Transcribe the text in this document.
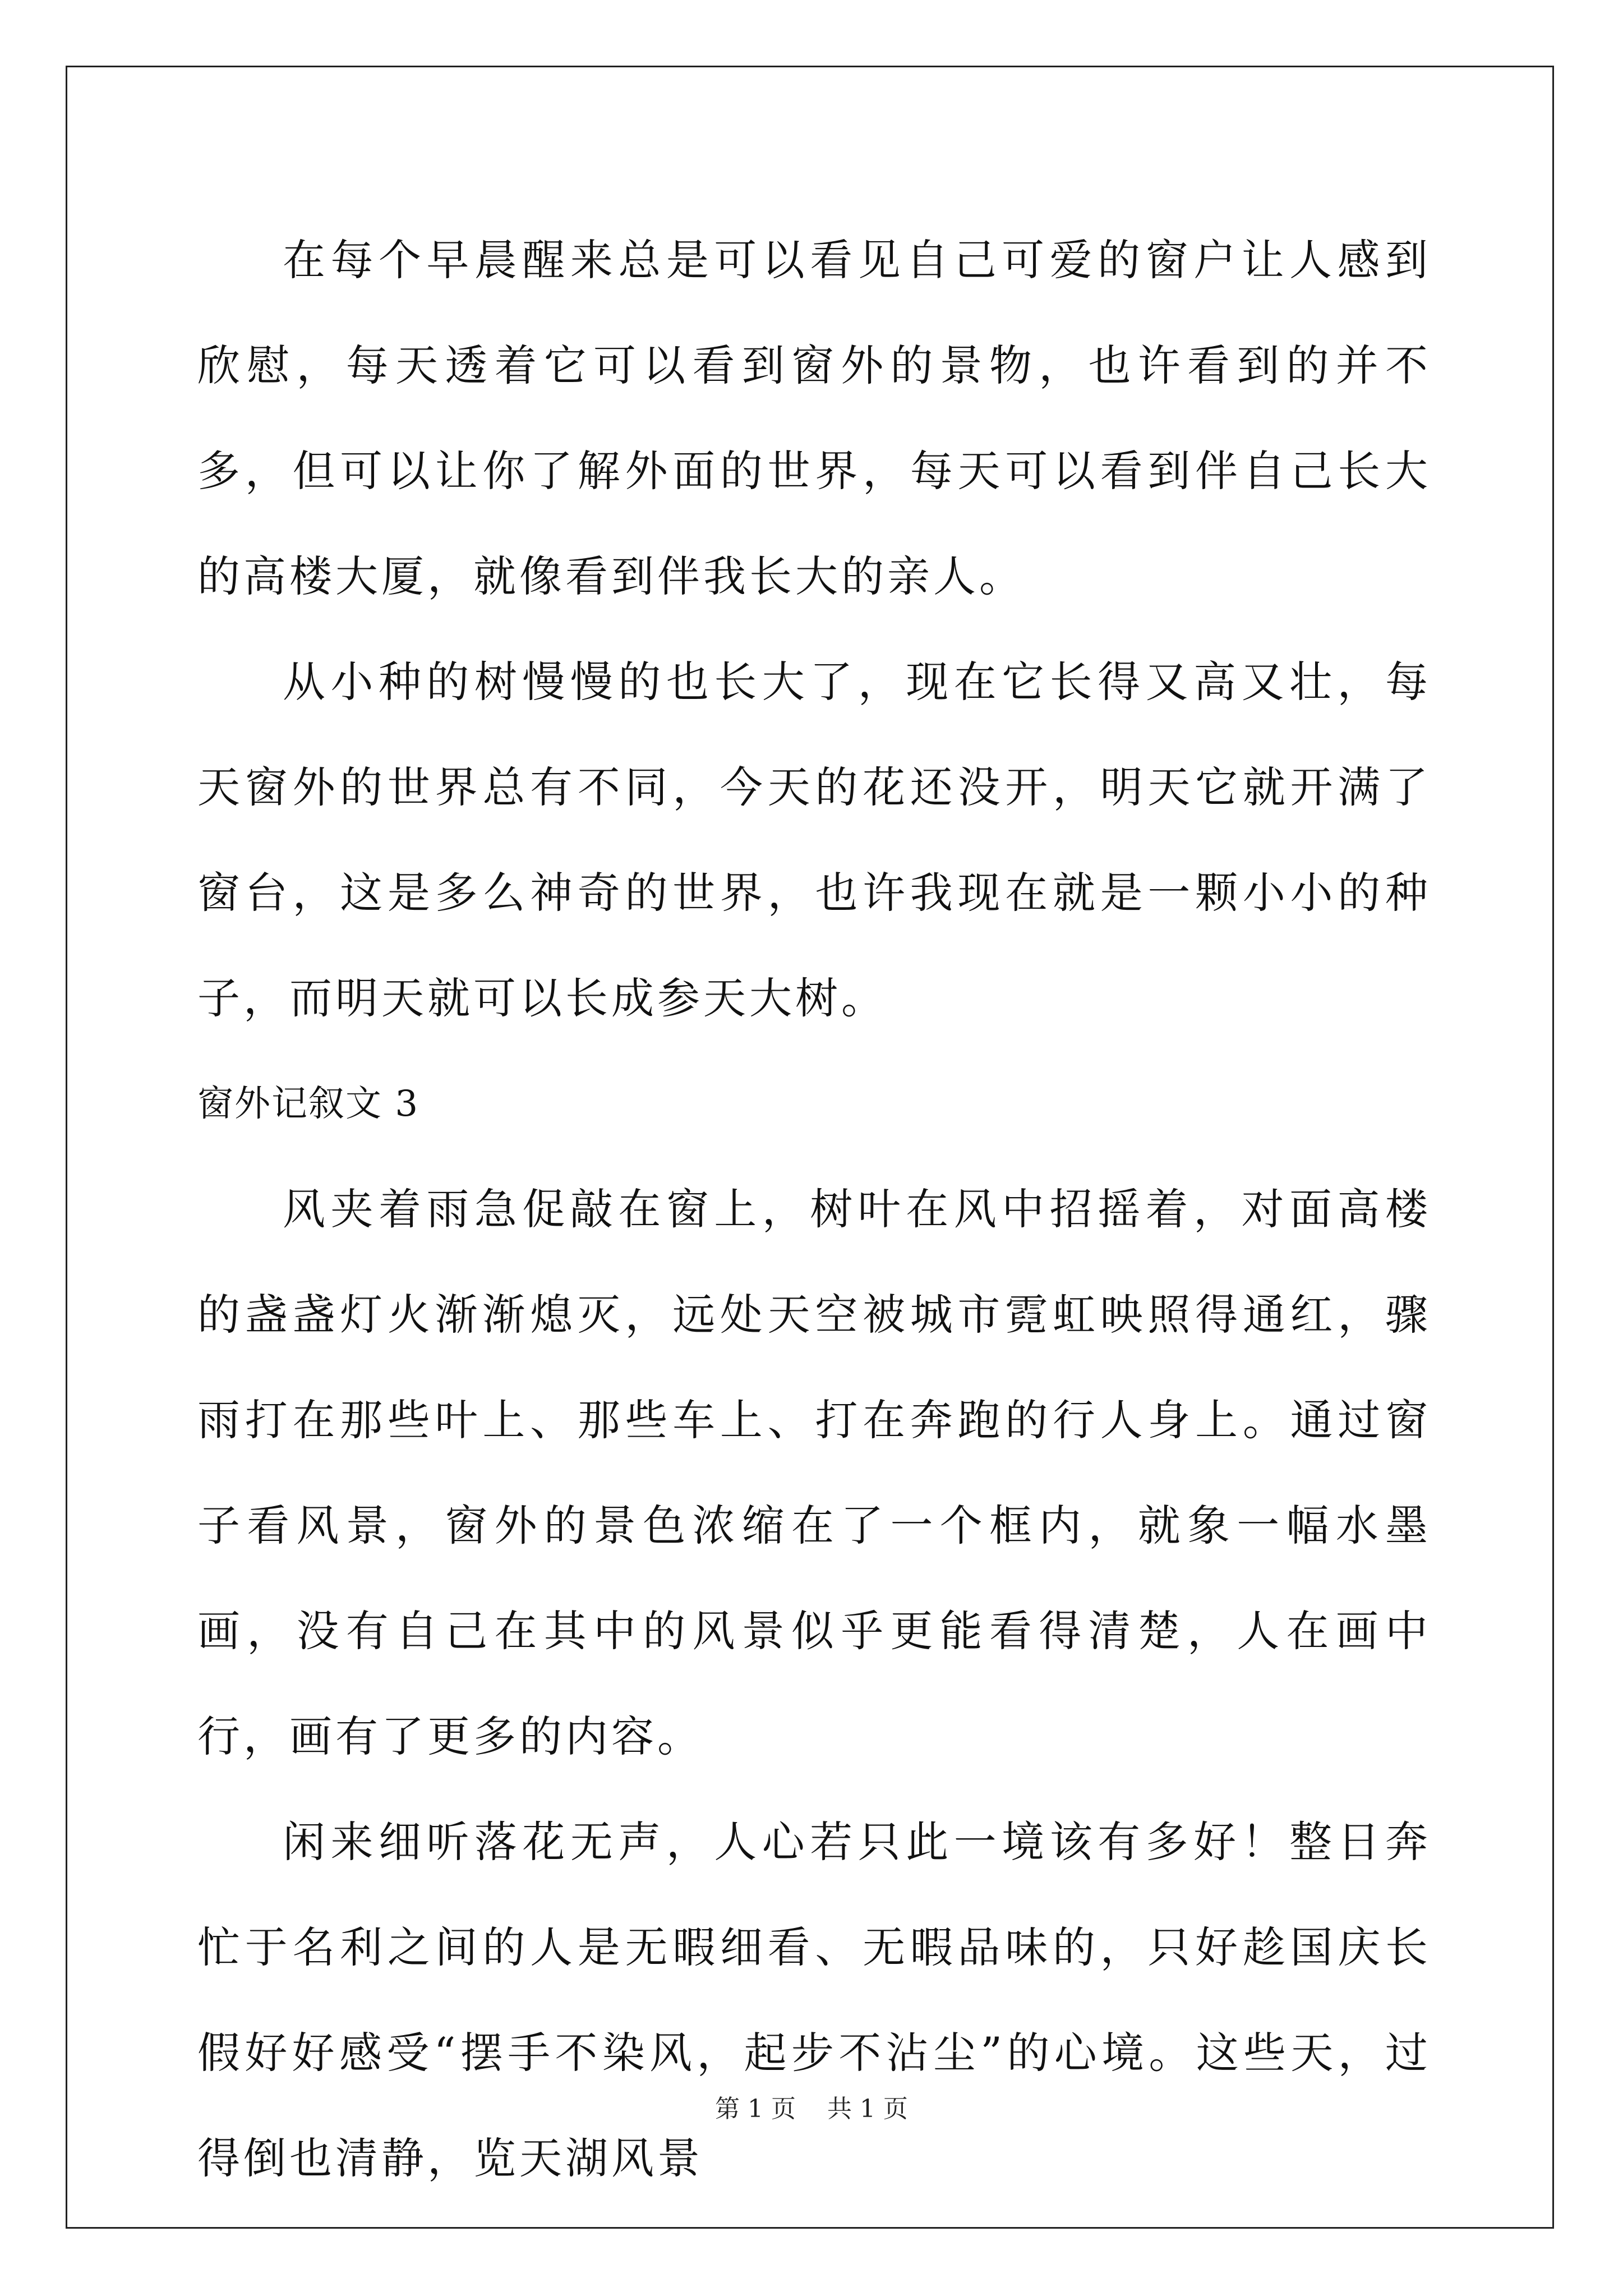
在每个早晨醒来总是可以看见自己可爱的窗户让人感到欣慰，每天透着它可以看到窗外的景物，也许看到的并不多，但可以让你了解外面的世界，每天可以看到伴自己长大的高楼大厦，就像看到伴我长大的亲人。

从小种的树慢慢的也长大了，现在它长得又高又壮，每天窗外的世界总有不同，今天的花还没开，明天它就开满了窗台，这是多么神奇的世界，也许我现在就是一颗小小的种子，而明天就可以长成参天大树。

窗外记叙文 3

风夹着雨急促敲在窗上，树叶在风中招摇着，对面高楼的盏盏灯火渐渐熄灭，远处天空被城市霓虹映照得通红，骤雨打在那些叶上、那些车上、打在奔跑的行人身上。通过窗子看风景，窗外的景色浓缩在了一个框内，就象一幅水墨画，没有自己在其中的风景似乎更能看得清楚，人在画中行，画有了更多的内容。

闲来细听落花无声，人心若只此一境该有多好！整日奔忙于名利之间的人是无暇细看、无暇品味的，只好趁国庆长假好好感受“摆手不染风，起步不沾尘”的心境。这些天，过得倒也清静，览天湖风景

第 1 页 共 1 页
